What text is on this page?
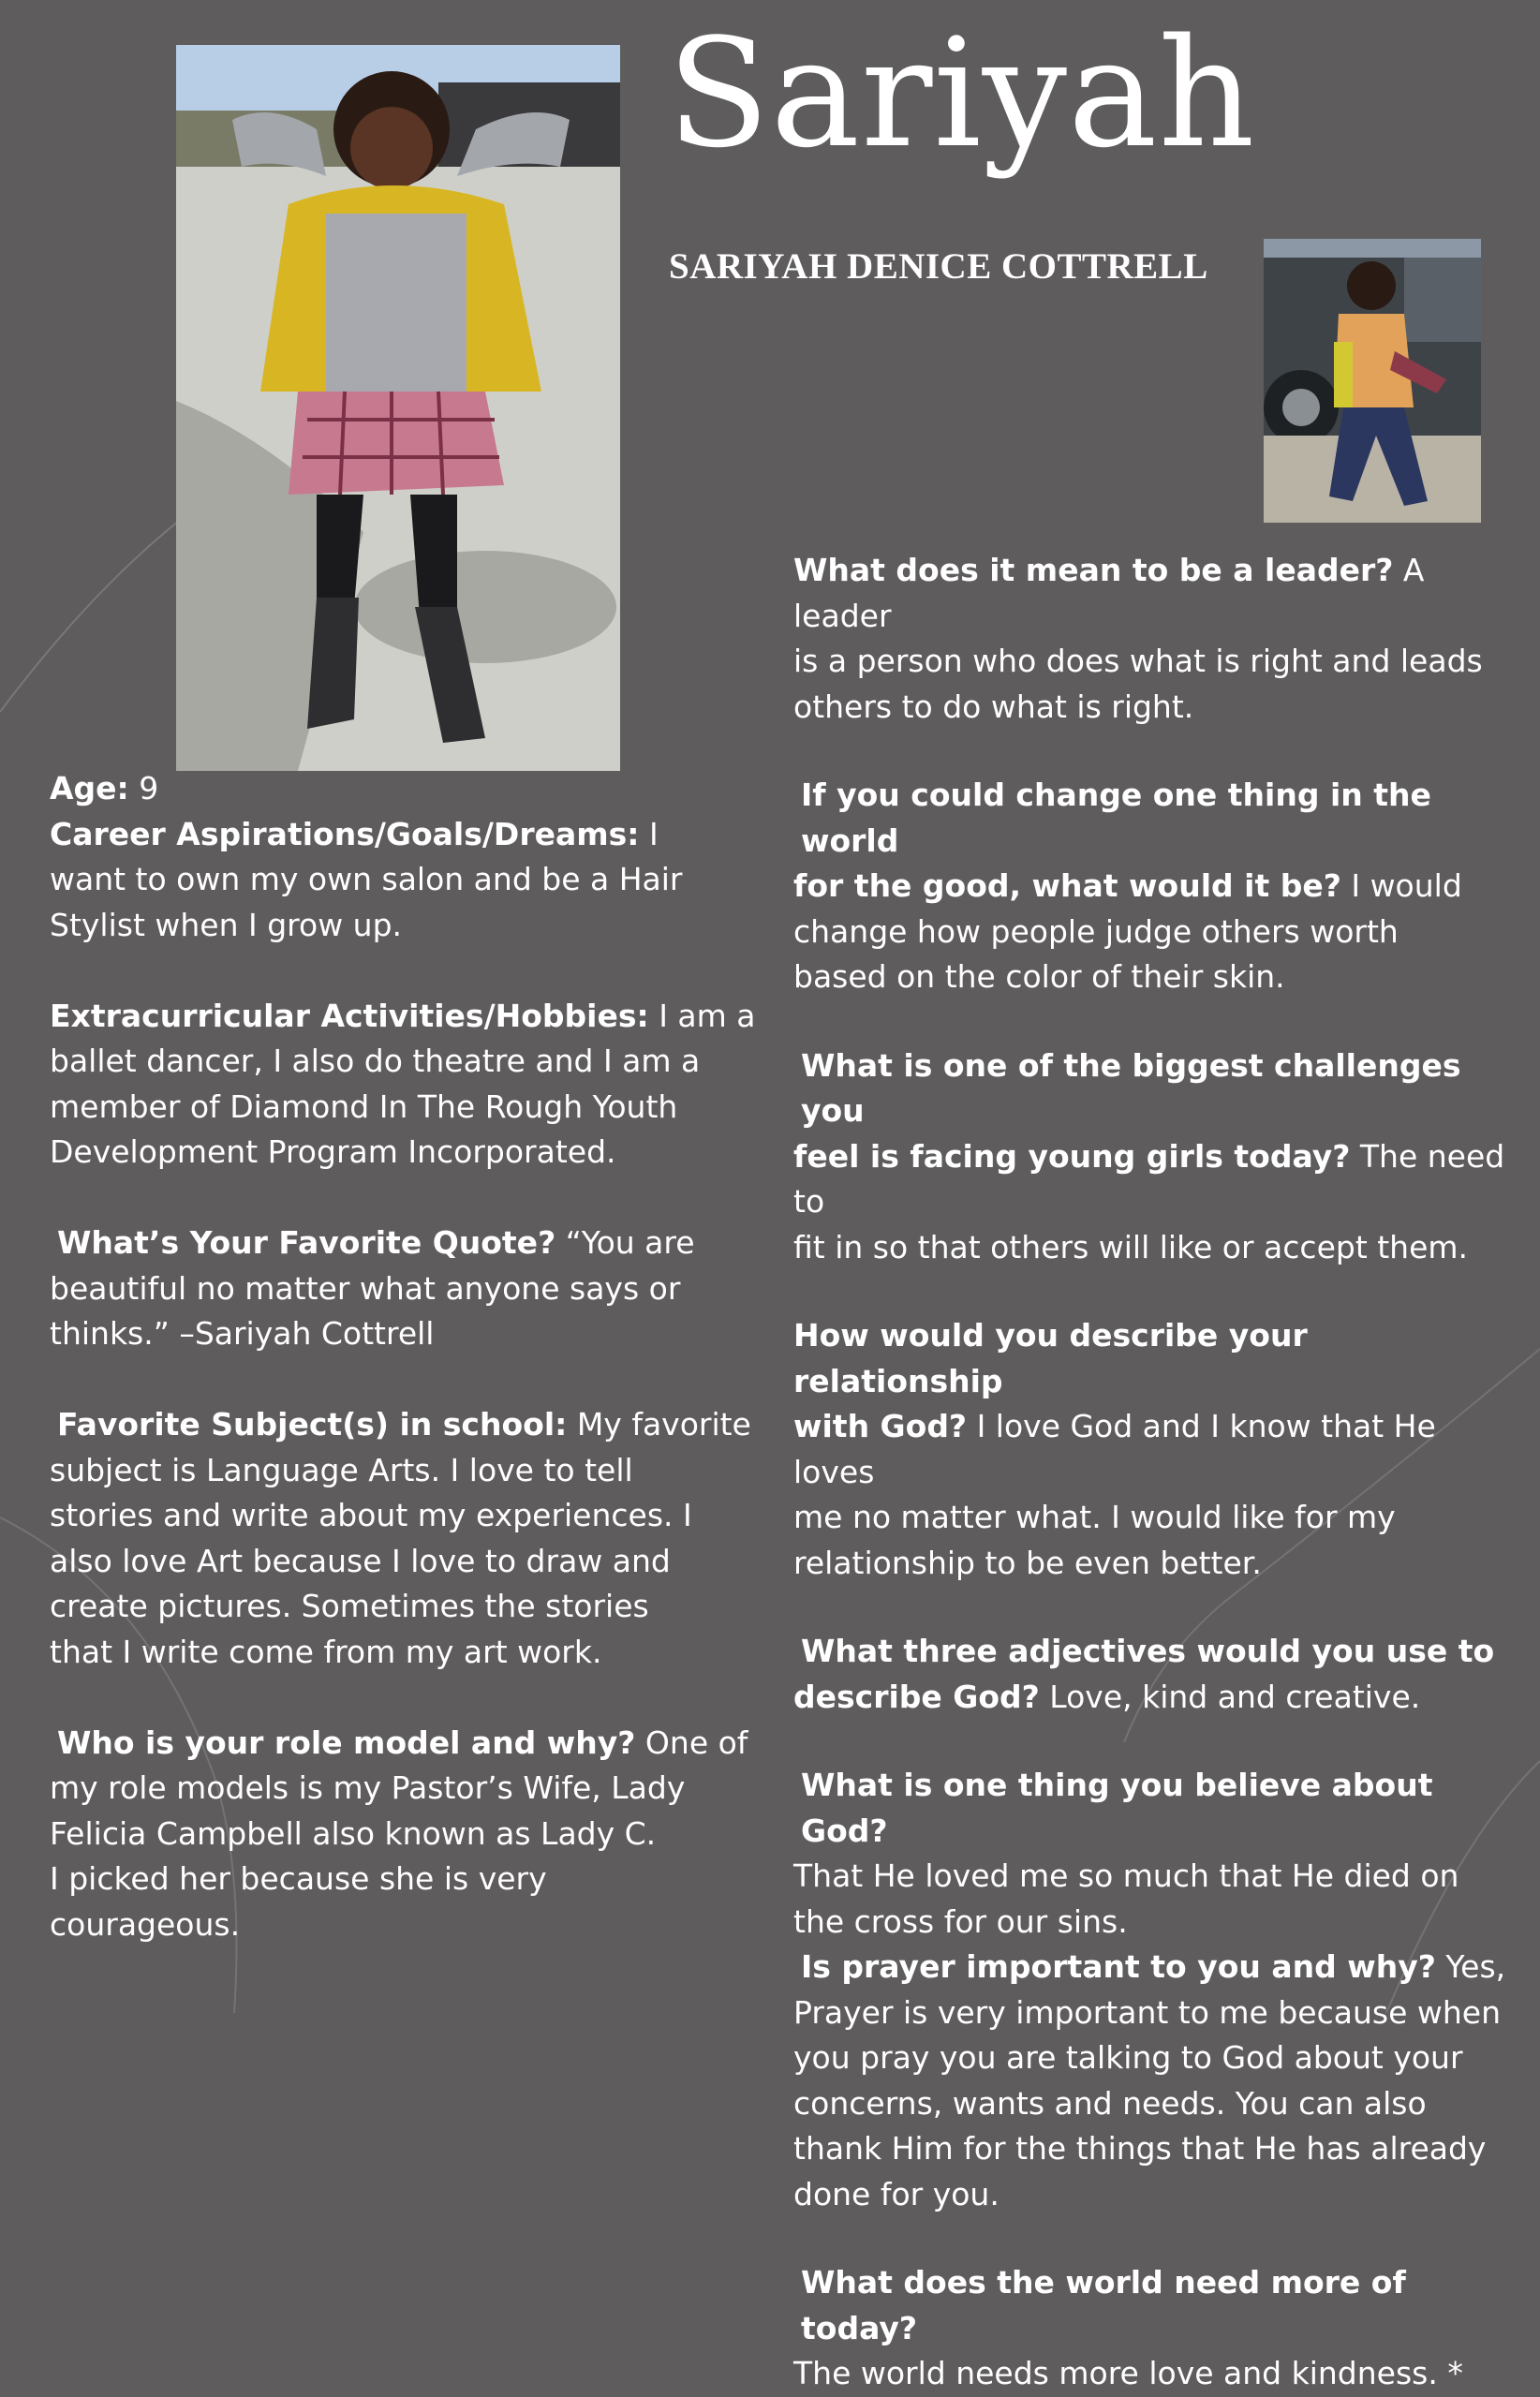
Sariyah
SARIYAH DENICE COTTRELL

Age: 9

Career Aspirations/Goals/Dreams: I

want to own my own salon and be a Hair

Stylist when I grow up.

Extracurricular Activities/Hobbies: I am a

ballet dancer, I also do theatre and I am a

member of Diamond In The Rough Youth

Development Program Incorporated.

What’s Your Favorite Quote? “You are

beautiful no matter what anyone says or

thinks.” –Sariyah Cottrell

Favorite Subject(s) in school: My favorite

subject is Language Arts. I love to tell

stories and write about my experiences. I

also love Art because I love to draw and

create pictures. Sometimes the stories

that I write come from my art work.

Who is your role model and why? One of

my role models is my Pastor’s Wife, Lady

Felicia Campbell also known as Lady C.

I picked her because she is very

courageous.

What does it mean to be a leader? A leader

is a person who does what is right and leads

others to do what is right.

If you could change one thing in the world

for the good, what would it be? I would

change how people judge others worth

based on the color of their skin.

What is one of the biggest challenges you

feel is facing young girls today? The need to

fit in so that others will like or accept them.

How would you describe your relationship

with God? I love God and I know that He loves

me no matter what. I would like for my

relationship to be even better.

What three adjectives would you use to

describe God? Love, kind and creative.

What is one thing you believe about God?

That He loved me so much that He died on

the cross for our sins.

Is prayer important to you and why? Yes,

Prayer is very important to me because when

you pray you are talking to God about your

concerns, wants and needs. You can also

thank Him for the things that He has already

done for you.

What does the world need more of today?

The world needs more love and kindness. *
